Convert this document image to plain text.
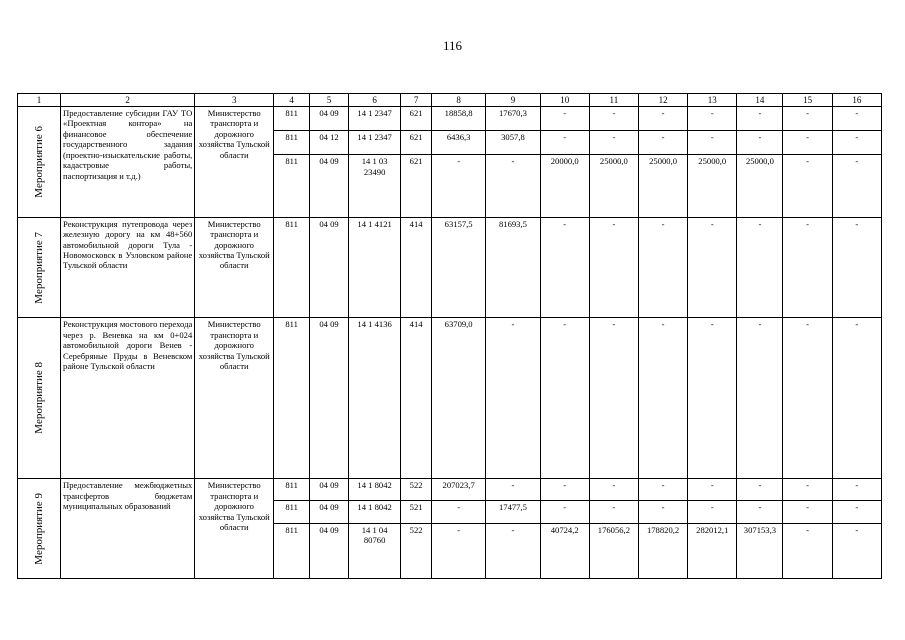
116
1	2	3	4	5	6	7	8	9	10	11	12	13	14	15	16

Мероприятие 6	Предоставление субсидии ГАУ ТО «Проектная контора» на финансовое обеспечение государственного задания (проектно-изыскательские работы, кадастровые работы, паспортизация и т.д.)	Министерство транспорта и дорожного хозяйства Тульской области	811	04 09	14 1 2347	621	18858,8	17670,3	-	-	-	-	-	-	-
			811	04 12	14 1 2347	621	6436,3	3057,8	-	-	-	-	-	-	-
			811	04 09	14 1 03 23490	621	-	-	20000,0	25000,0	25000,0	25000,0	25000,0	-	-

Мероприятие 7	Реконструкция путепровода через железную дорогу на км 48+560 автомобильной дороги Тула - Новомосковск в Узловском районе Тульской области	Министерство транспорта и дорожного хозяйства Тульской области	811	04 09	14 1 4121	414	63157,5	81693,5	-	-	-	-	-	-	-

Мероприятие 8	Реконструкция мостового перехода через р. Веневка на км 0+024 автомобильной дороги Венев - Серебряные Пруды в Веневском районе Тульской области	Министерство транспорта и дорожного хозяйства Тульской области	811	04 09	14 1 4136	414	63709,0	-	-	-	-	-	-	-	-

Мероприятие 9	Предоставление межбюджетных трансфертов бюджетам муниципальных образований	Министерство транспорта и дорожного хозяйства Тульской области	811	04 09	14 1 8042	522	207023,7	-	-	-	-	-	-	-	-
			811	04 09	14 1 8042	521	-	17477,5	-	-	-	-	-	-	-
			811	04 09	14 1 04 80760	522	-	-	40724,2	176056,2	178820,2	282012,1	307153,3	-	-
